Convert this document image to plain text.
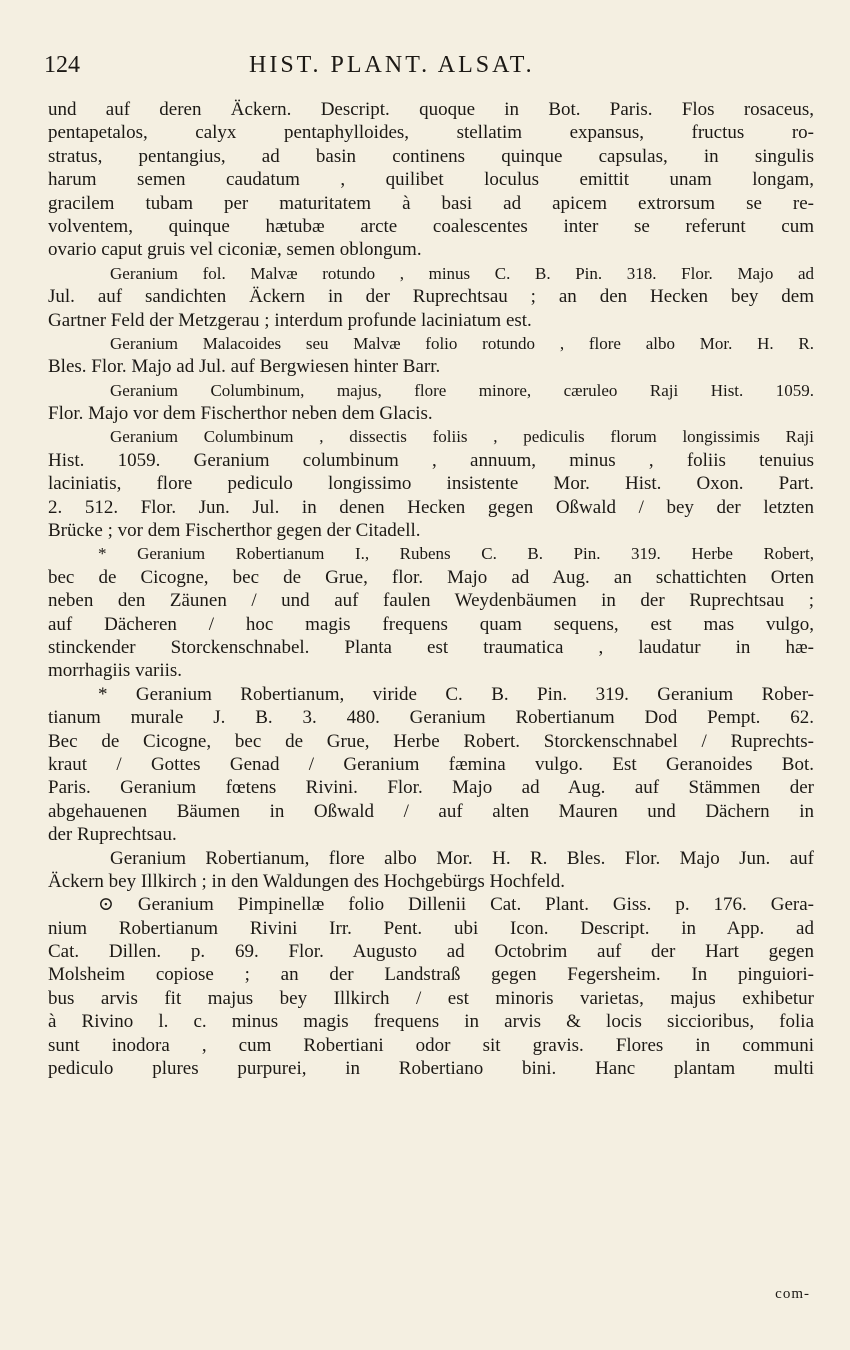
124	HIST. PLANT. ALSAT.
und auf deren Äckern. Descript. quoque in Bot. Paris. Flos rosaceus,
pentapetalos, calyx pentaphylloides, stellatim expansus, fructus ro-
stratus, pentangius, ad basin continens quinque capsulas, in singulis
harum semen caudatum , quilibet loculus emittit unam longam,
gracilem tubam per maturitatem à basi ad apicem extrorsum se re-
volventem, quinque hætubæ arcte coalescentes inter se referunt cum
ovario caput gruis vel ciconiæ, semen oblongum.
Geranium fol. Malvæ rotundo , minus C. B. Pin. 318. Flor. Majo ad
Jul. auf sandichten Äckern in der Ruprechtsau ; an den Hecken bey dem
Gartner Feld der Metzgerau ; interdum profunde laciniatum est.
Geranium Malacoides seu Malvæ folio rotundo , flore albo Mor. H. R.
Bles. Flor. Majo ad Jul. auf Bergwiesen hinter Barr.
Geranium Columbinum, majus, flore minore, cæruleo Raji Hist. 1059.
Flor. Majo vor dem Fischerthor neben dem Glacis.
Geranium Columbinum , dissectis foliis , pediculis florum longissimis Raji
Hist. 1059. Geranium columbinum , annuum, minus , foliis tenuius
laciniatis, flore pediculo longissimo insistente Mor. Hist. Oxon. Part.
2. 512. Flor. Jun. Jul. in denen Hecken gegen Oßwald / bey der letzten
Brücke ; vor dem Fischerthor gegen der Citadell.
* Geranium Robertianum I., Rubens C. B. Pin. 319. Herbe Robert,
bec de Cicogne, bec de Grue, flor. Majo ad Aug. an schattichten Orten
neben den Zäunen / und auf faulen Weydenbäumen in der Ruprechtsau ;
auf Dächeren / hoc magis frequens quam sequens, est mas vulgo,
stinckender Storckenschnabel. Planta est traumatica , laudatur in hæ-
morrhagiis variis.
* Geranium Robertianum, viride C. B. Pin. 319. Geranium Rober-
tianum murale J. B. 3. 480. Geranium Robertianum Dod Pempt. 62.
Bec de Cicogne, bec de Grue, Herbe Robert. Storckenschnabel / Ruprechts-
kraut / Gottes Genad / Geranium fæmina vulgo. Est Geranoides Bot.
Paris. Geranium fœtens Rivini. Flor. Majo ad Aug. auf Stämmen der
abgehauenen Bäumen in Oßwald / auf alten Mauren und Dächern in
der Ruprechtsau.
Geranium Robertianum, flore albo Mor. H. R. Bles. Flor. Majo Jun. auf
Äckern bey Illkirch ; in den Waldungen des Hochgebürgs Hochfeld.
⊙ Geranium Pimpinellæ folio Dillenii Cat. Plant. Giss. p. 176. Gera-
nium Robertianum Rivini Irr. Pent. ubi Icon. Descript. in App. ad
Cat. Dillen. p. 69. Flor. Augusto ad Octobrim auf der Hart gegen
Molsheim copiose ; an der Landstraß gegen Fegersheim. In pinguiori-
bus arvis fit majus bey Illkirch / est minoris varietas, majus exhibetur
à Rivino l. c. minus magis frequens in arvis & locis siccioribus, folia
sunt inodora , cum Robertiani odor sit gravis. Flores in communi
pediculo plures purpurei, in Robertiano bini. Hanc plantam multi
com-
